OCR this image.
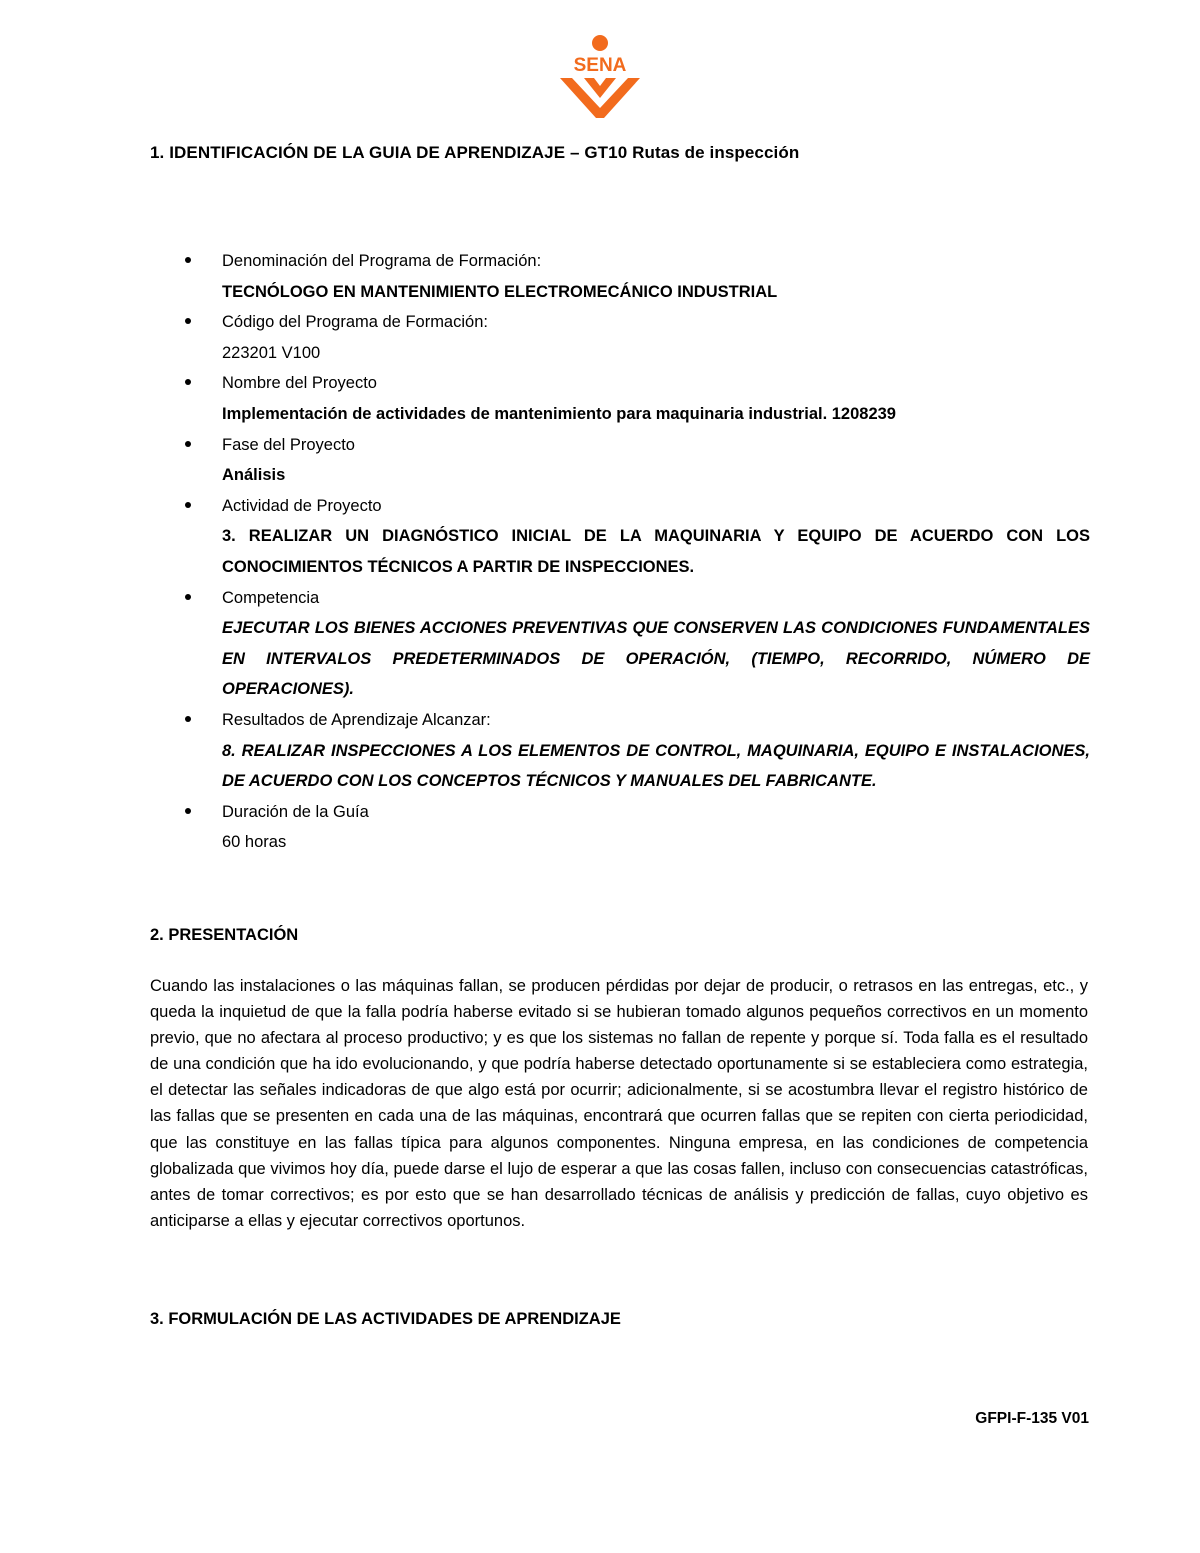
SENA
1. IDENTIFICACIÓN DE LA GUIA DE APRENDIZAJE – GT10 Rutas de inspección
Denominación del Programa de Formación:
TECNÓLOGO EN MANTENIMIENTO ELECTROMECÁNICO INDUSTRIAL
Código del Programa de Formación:
223201 V100
Nombre del Proyecto
Implementación de actividades de mantenimiento para maquinaria industrial. 1208239
Fase del Proyecto
Análisis
Actividad de Proyecto
3. REALIZAR UN DIAGNÓSTICO INICIAL DE LA MAQUINARIA Y EQUIPO DE ACUERDO CON LOS CONOCIMIENTOS TÉCNICOS A PARTIR DE INSPECCIONES.
Competencia
EJECUTAR LOS BIENES ACCIONES PREVENTIVAS QUE CONSERVEN LAS CONDICIONES FUNDAMENTALES EN INTERVALOS PREDETERMINADOS DE OPERACIÓN, (TIEMPO, RECORRIDO, NÚMERO DE OPERACIONES).
Resultados de Aprendizaje Alcanzar:
8. REALIZAR INSPECCIONES A LOS ELEMENTOS DE CONTROL, MAQUINARIA, EQUIPO E INSTALACIONES, DE ACUERDO CON LOS CONCEPTOS TÉCNICOS Y MANUALES DEL FABRICANTE.
Duración de la Guía
60 horas
2. PRESENTACIÓN

Cuando las instalaciones o las máquinas fallan, se producen pérdidas por dejar de producir, o retrasos en las entregas, etc., y queda la inquietud de que la falla podría haberse evitado si se hubieran tomado algunos pequeños correctivos en un momento previo, que no afectara al proceso productivo; y es que los sistemas no fallan de repente y porque sí. Toda falla es el resultado de una condición que ha ido evolucionando, y que podría haberse detectado oportunamente si se estableciera como estrategia, el detectar las señales indicadoras de que algo está por ocurrir; adicionalmente, si se acostumbra llevar el registro histórico de las fallas que se presenten en cada una de las máquinas, encontrará que ocurren fallas que se repiten con cierta periodicidad, que las constituye en las fallas típica para algunos componentes. Ninguna empresa, en las condiciones de competencia globalizada que vivimos hoy día, puede darse el lujo de esperar a que las cosas fallen, incluso con consecuencias catastróficas, antes de tomar correctivos; es por esto que se han desarrollado técnicas de análisis y predicción de fallas, cuyo objetivo es anticiparse a ellas y ejecutar correctivos oportunos.

3. FORMULACIÓN DE LAS ACTIVIDADES DE APRENDIZAJE
GFPI-F-135 V01
